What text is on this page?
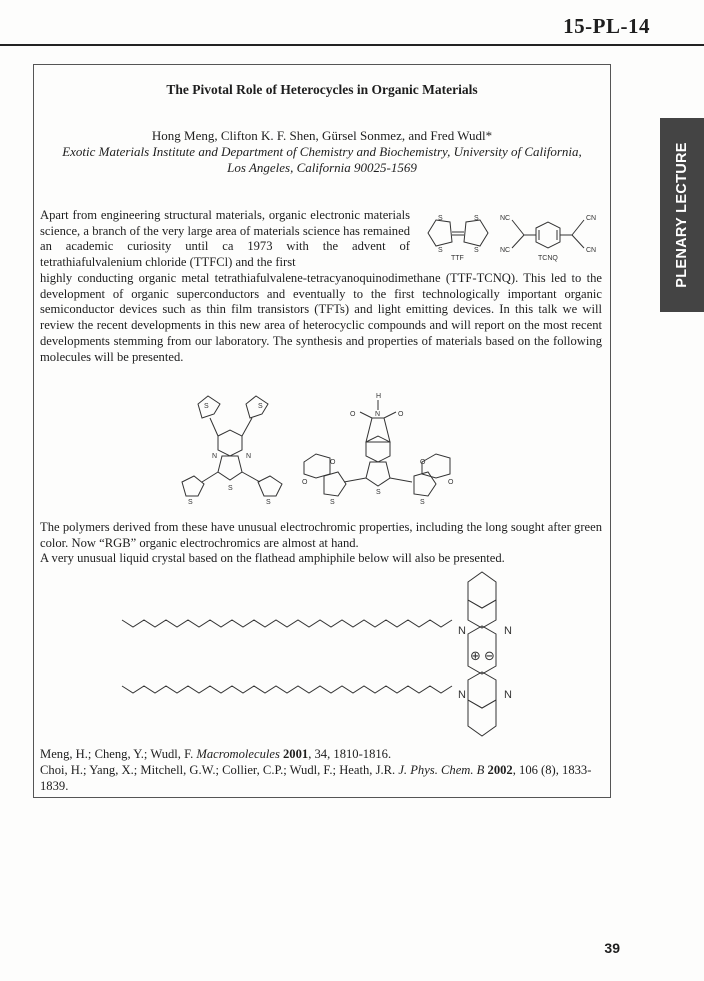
15-PL-14
PLENARY LECTURE
The Pivotal Role of Heterocycles in Organic Materials
Hong Meng, Clifton K. F. Shen, Gürsel Sonmez, and Fred Wudl*
Exotic Materials Institute and Department of Chemistry and Biochemistry, University of California, Los Angeles, California 90025-1569

Apart from engineering structural materials, organic electronic materials science, a branch of the very large area of materials science has remained an academic curiosity until ca 1973 with the advent of tetrathiafulvalenium chloride (TTFCl) and the first

S	S
S	S
TTF
NC
NC
CN
CN
TCNQ

highly conducting organic metal tetrathiafulvalene-tetracyanoquinodimethane (TTF-TCNQ). This led to the development of organic superconductors and eventually to the first technologically important organic semiconductor devices such as thin film transistors (TFTs) and light emitting devices. In this talk we will review the recent developments in this new area of heterocyclic compounds and will report on the most recent developments stemming from our laboratory. The synthesis and properties of materials based on the following molecules will be presented.

S	S
N	N
S
S	S
H
N
O	O
S
O
O
S
O
O
S

The polymers derived from these have unusual electrochromic properties, including the long sought after green color. Now “RGB” organic electrochromics are almost at hand.

A very unusual liquid crystal based on the flathead amphiphile below will also be presented.

N	N
N	N
⊕ ⊖
Meng, H.; Cheng, Y.; Wudl, F. Macromolecules 2001, 34, 1810-1816.
Choi, H.; Yang, X.; Mitchell, G.W.; Collier, C.P.; Wudl, F.; Heath, J.R. J. Phys. Chem. B 2002, 106 (8), 1833-1839.
39
